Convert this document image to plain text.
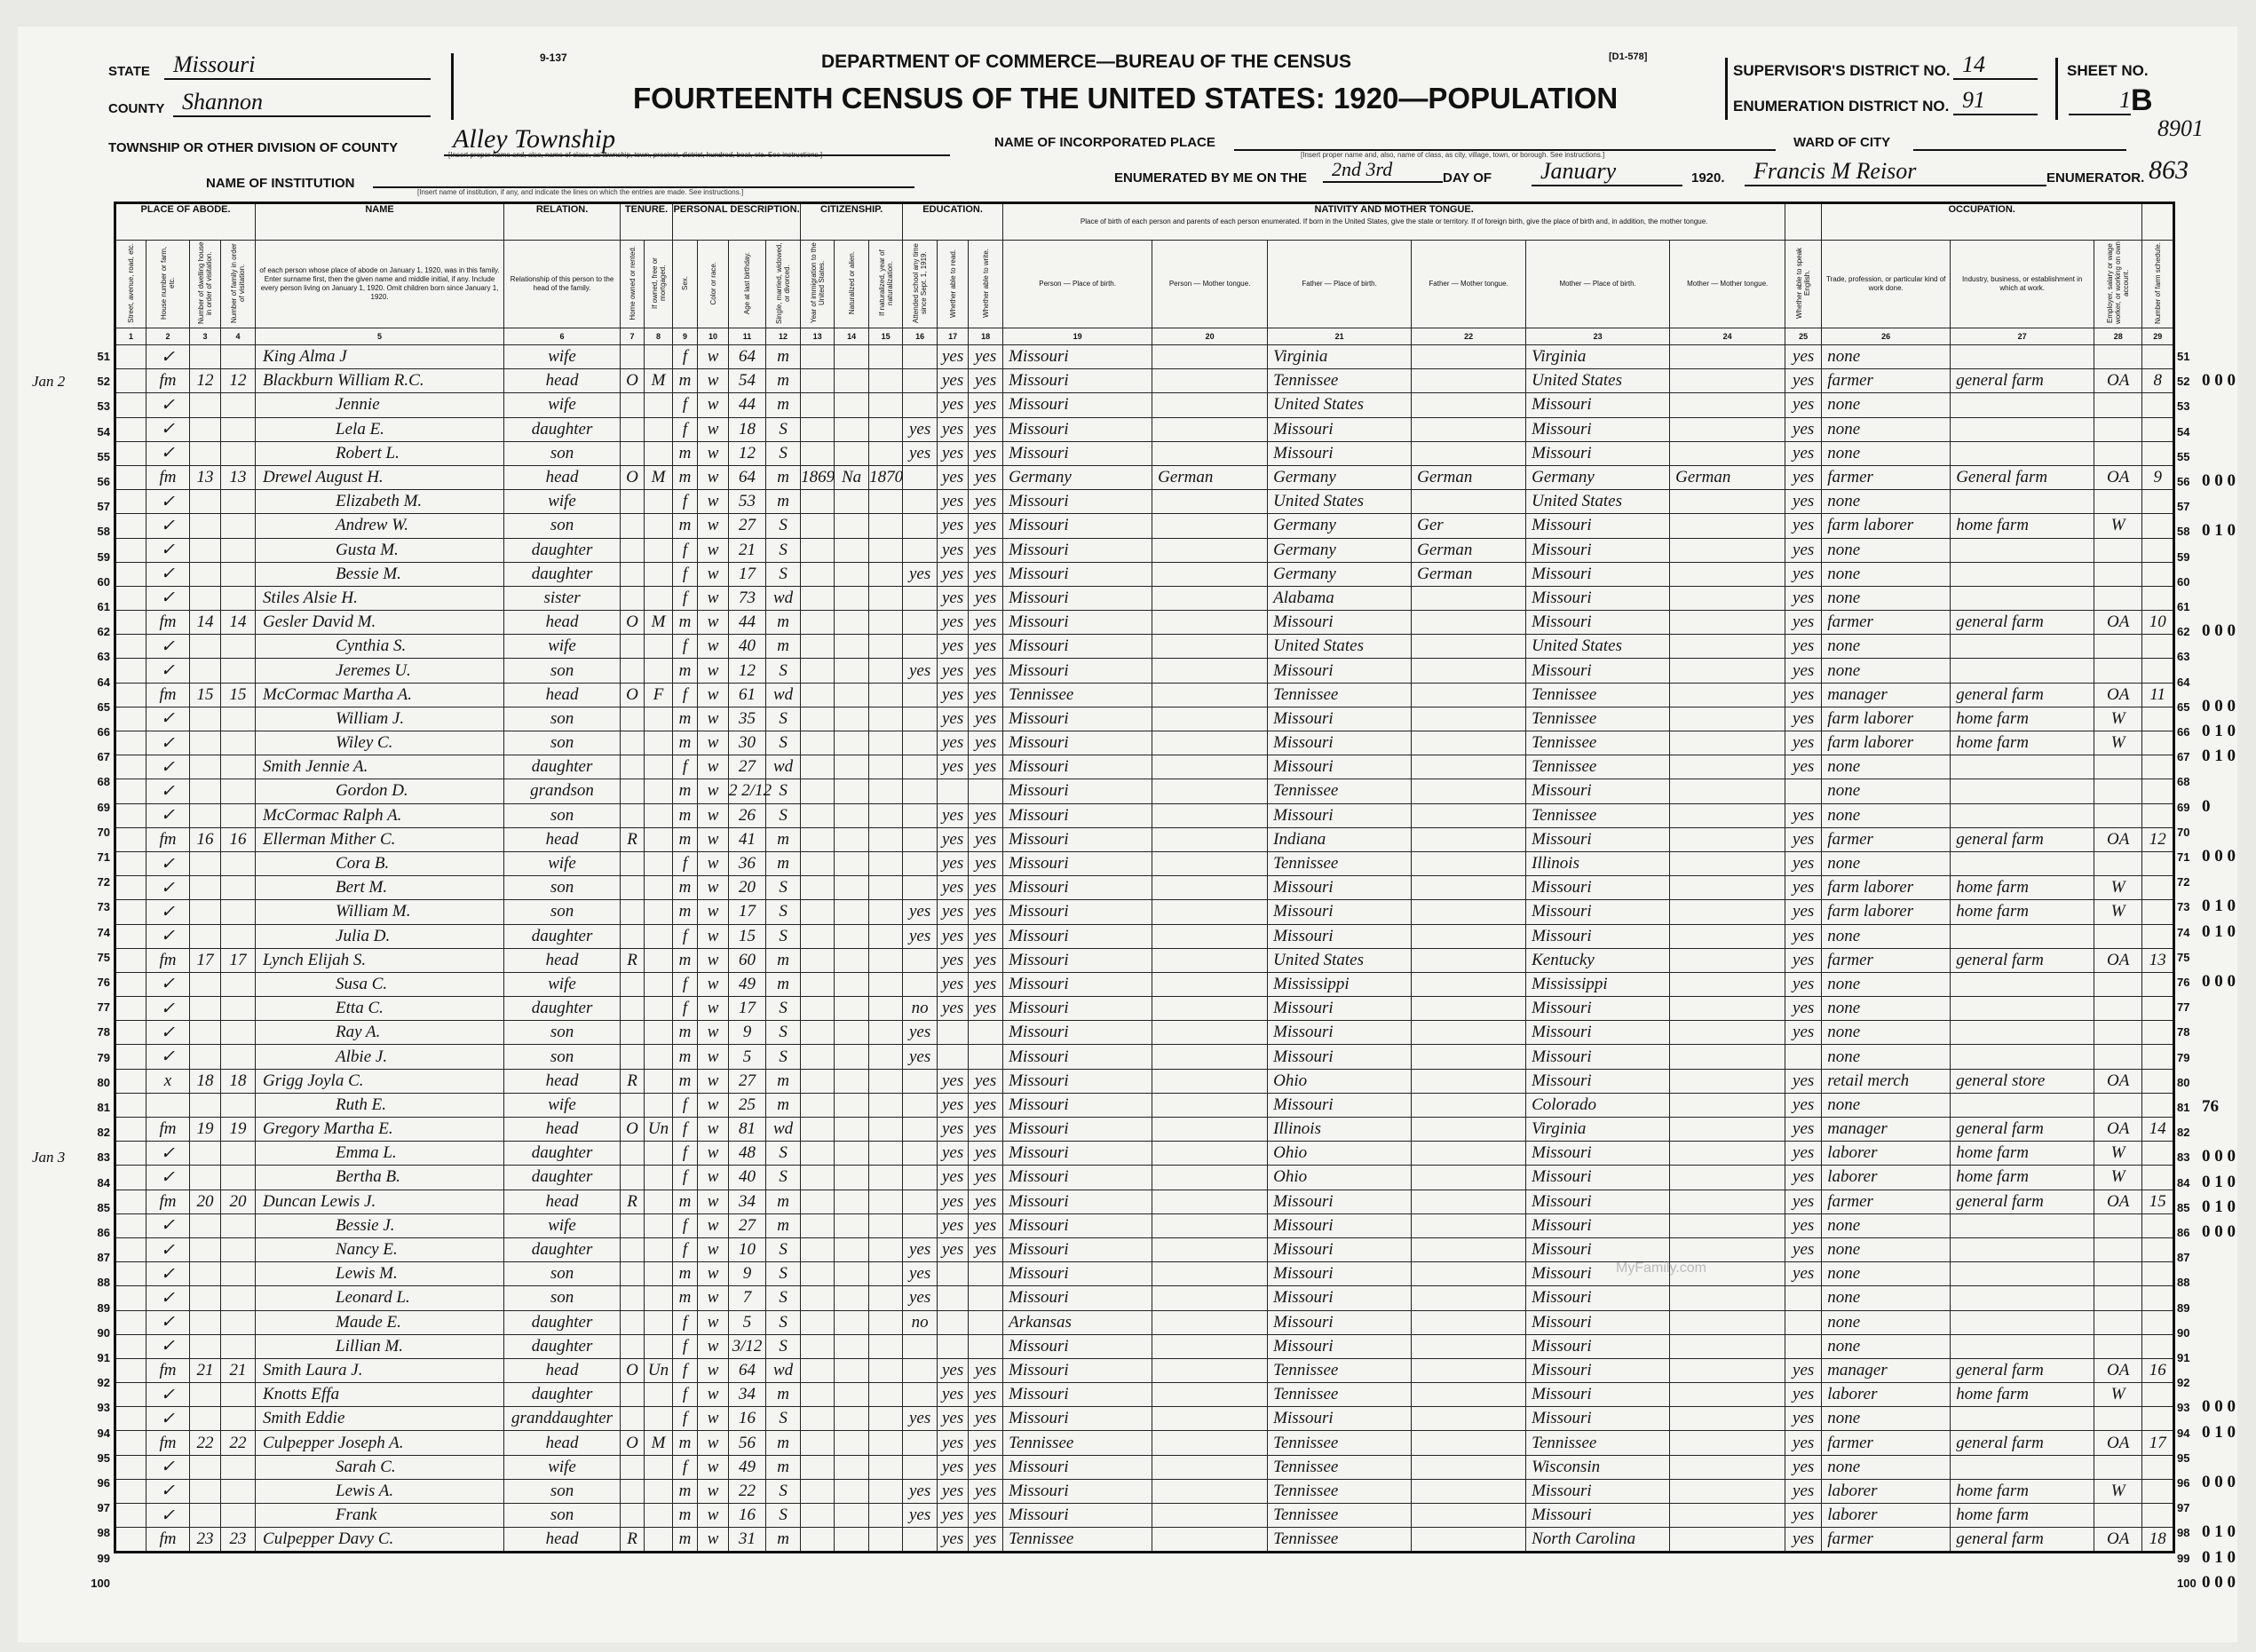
STATE	Missouri
COUNTY Shannon
9-137	DEPARTMENT OF COMMERCE—BUREAU OF THE CENSUS
FOURTEENTH CENSUS OF THE UNITED STATES: 1920—POPULATION
[D1-578]
SUPERVISOR'S DISTRICT NO. 14
ENUMERATION DISTRICT NO. 91
SHEET NO.
1 B
TOWNSHIP OR OTHER DIVISION OF COUNTY	Alley Township
[Insert proper name and, also, name of class, as township, town, precinct, district, hundred, beat, etc. See instructions.]
NAME OF INCORPORATED PLACE
[Insert proper name and, also, name of class, as city, village, town, or borough. See instructions.]
WARD OF CITY
8901
NAME OF INSTITUTION
[Insert name of institution, if any, and indicate the lines on which the entries are made. See instructions.]
ENUMERATED BY ME ON THE	2nd 3rd	DAY OF	January	1920.	Francis M Reisor	ENUMERATOR. 863
PLACE OF ABODE.				NAME	RELATION.	TENURE.		PERSONAL DESCRIPTION.				CITIZENSHIP.			EDUCATION.			NATIVITY AND MOTHER TONGUE.
Place of birth of each person and parents of each person enumerated. If born in the United States, give the state or territory. If of foreign birth, give the place of birth and, in addition, the mother tongue.							OCCUPATION.			
Street, avenue, road, etc.	House number or farm, etc.	Number of dwelling house in order of visitation.	Number of family in order of visitation.	of each person whose place of abode on January 1, 1920, was in this family. Enter surname first, then the given name and middle initial, if any. Include every person living on January 1, 1920. Omit children born since January 1, 1920.	Relationship of this person to the head of the family.	Home owned or rented.	If owned, free or mortgaged.	Sex.	Color or race.	Age at last birthday.	Single, married, widowed, or divorced.	Year of immigration to the United States.	Naturalized or alien.	If naturalized, year of naturalization.	Attended school any time since Sept. 1, 1919.	Whether able to read.	Whether able to write.	Person — Place of birth.	Person — Mother tongue.	Father — Place of birth.	Father — Mother tongue.	Mother — Place of birth.	Mother — Mother tongue.	Whether able to speak English.	Trade, profession, or particular kind of work done.	Industry, business, or establishment in which at work.	Employer, salary or wage worker, or working on own account.	Number of farm schedule.
1	2	3	4	5	6	7	8	9	10	11	12	13	14	15	16	17	18	19	20	21	22	23	24	25	26	27	28	29
	✓			King Alma J	wife			f	w	64	m					yes	yes	Missouri		Virginia		Virginia		yes	none			
	fm	12	12	Blackburn William R.C.	head	O	M	m	w	54	m					yes	yes	Missouri		Tennissee		United States		yes	farmer	general farm	OA	8
	✓			Jennie	wife			f	w	44	m					yes	yes	Missouri		United States		Missouri		yes	none			
	✓			Lela E.	daughter			f	w	18	S				yes	yes	yes	Missouri		Missouri		Missouri		yes	none			
	✓			Robert L.	son			m	w	12	S				yes	yes	yes	Missouri		Missouri		Missouri		yes	none			
	fm	13	13	Drewel August H.	head	O	M	m	w	64	m	1869	Na	1870		yes	yes	Germany	German	Germany	German	Germany	German	yes	farmer	General farm	OA	9
	✓			Elizabeth M.	wife			f	w	53	m					yes	yes	Missouri		United States		United States		yes	none			
	✓			Andrew W.	son			m	w	27	S					yes	yes	Missouri		Germany	Ger	Missouri		yes	farm laborer	home farm	W	
	✓			Gusta M.	daughter			f	w	21	S					yes	yes	Missouri		Germany	German	Missouri		yes	none			
	✓			Bessie M.	daughter			f	w	17	S				yes	yes	yes	Missouri		Germany	German	Missouri		yes	none			
	✓			Stiles Alsie H.	sister			f	w	73	wd					yes	yes	Missouri		Alabama		Missouri		yes	none			
	fm	14	14	Gesler David M.	head	O	M	m	w	44	m					yes	yes	Missouri		Missouri		Missouri		yes	farmer	general farm	OA	10
	✓			Cynthia S.	wife			f	w	40	m					yes	yes	Missouri		United States		United States		yes	none			
	✓			Jeremes U.	son			m	w	12	S				yes	yes	yes	Missouri		Missouri		Missouri		yes	none			
	fm	15	15	McCormac Martha A.	head	O	F	f	w	61	wd					yes	yes	Tennissee		Tennissee		Tennissee		yes	manager	general farm	OA	11
	✓			William J.	son			m	w	35	S					yes	yes	Missouri		Missouri		Tennissee		yes	farm laborer	home farm	W	
	✓			Wiley C.	son			m	w	30	S					yes	yes	Missouri		Missouri		Tennissee		yes	farm laborer	home farm	W	
	✓			Smith Jennie A.	daughter			f	w	27	wd					yes	yes	Missouri		Missouri		Tennissee		yes	none			
	✓			Gordon D.	grandson			m	w	2 2/12	S							Missouri		Tennissee		Missouri			none			
	✓			McCormac Ralph A.	son			m	w	26	S					yes	yes	Missouri		Missouri		Tennissee		yes	none			
	fm	16	16	Ellerman Mither C.	head	R		m	w	41	m					yes	yes	Missouri		Indiana		Missouri		yes	farmer	general farm	OA	12
	✓			Cora B.	wife			f	w	36	m					yes	yes	Missouri		Tennissee		Illinois		yes	none			
	✓			Bert M.	son			m	w	20	S					yes	yes	Missouri		Missouri		Missouri		yes	farm laborer	home farm	W	
	✓			William M.	son			m	w	17	S				yes	yes	yes	Missouri		Missouri		Missouri		yes	farm laborer	home farm	W	
	✓			Julia D.	daughter			f	w	15	S				yes	yes	yes	Missouri		Missouri		Missouri		yes	none			
	fm	17	17	Lynch Elijah S.	head	R		m	w	60	m					yes	yes	Missouri		United States		Kentucky		yes	farmer	general farm	OA	13
	✓			Susa C.	wife			f	w	49	m					yes	yes	Missouri		Mississippi		Mississippi		yes	none			
	✓			Etta C.	daughter			f	w	17	S				no	yes	yes	Missouri		Missouri		Missouri		yes	none			
	✓			Ray A.	son			m	w	9	S				yes			Missouri		Missouri		Missouri		yes	none			
	✓			Albie J.	son			m	w	5	S				yes			Missouri		Missouri		Missouri			none			
	x	18	18	Grigg Joyla C.	head	R		m	w	27	m					yes	yes	Missouri		Ohio		Missouri		yes	retail merch	general store	OA	
				Ruth E.	wife			f	w	25	m					yes	yes	Missouri		Missouri		Colorado		yes	none			
	fm	19	19	Gregory Martha E.	head	O	Un	f	w	81	wd					yes	yes	Missouri		Illinois		Virginia		yes	manager	general farm	OA	14
	✓			Emma L.	daughter			f	w	48	S					yes	yes	Missouri		Ohio		Missouri		yes	laborer	home farm	W	
	✓			Bertha B.	daughter			f	w	40	S					yes	yes	Missouri		Ohio		Missouri		yes	laborer	home farm	W	
	fm	20	20	Duncan Lewis J.	head	R		m	w	34	m					yes	yes	Missouri		Missouri		Missouri		yes	farmer	general farm	OA	15
	✓			Bessie J.	wife			f	w	27	m					yes	yes	Missouri		Missouri		Missouri		yes	none			
	✓			Nancy E.	daughter			f	w	10	S				yes	yes	yes	Missouri		Missouri		Missouri		yes	none			
	✓			Lewis M.	son			m	w	9	S				yes			Missouri		Missouri		Missouri		yes	none			
	✓			Leonard L.	son			m	w	7	S				yes			Missouri		Missouri		Missouri			none			
	✓			Maude E.	daughter			f	w	5	S				no			Arkansas		Missouri		Missouri			none			
	✓			Lillian M.	daughter			f	w	3/12	S							Missouri		Missouri		Missouri			none			
	fm	21	21	Smith Laura J.	head	O	Un	f	w	64	wd					yes	yes	Missouri		Tennissee		Missouri		yes	manager	general farm	OA	16
	✓			Knotts Effa	daughter			f	w	34	m					yes	yes	Missouri		Tennissee		Missouri		yes	laborer	home farm	W	
	✓			Smith Eddie	granddaughter			f	w	16	S				yes	yes	yes	Missouri		Missouri		Missouri		yes	none			
	fm	22	22	Culpepper Joseph A.	head	O	M	m	w	56	m					yes	yes	Tennissee		Tennissee		Tennissee		yes	farmer	general farm	OA	17
	✓			Sarah C.	wife			f	w	49	m					yes	yes	Missouri		Tennissee		Wisconsin		yes	none			
	✓			Lewis A.	son			m	w	22	S				yes	yes	yes	Missouri		Tennissee		Missouri		yes	laborer	home farm	W	
	✓			Frank	son			m	w	16	S				yes	yes	yes	Missouri		Tennissee		Missouri		yes	laborer	home farm		
	fm	23	23	Culpepper Davy C.	head	R		m	w	31	m					yes	yes	Tennissee		Tennissee		North Carolina		yes	farmer	general farm	OA	18
51	51
52	52 0 0 0
Jan 2
53	53
54	54
55	55
56	56 0 0 0
57	57
58	58 0 1 0
59	59
60	60
61	61
62	62 0 0 0
63	63
64	64
65	65 0 0 0
66	66 0 1 0
67	67 0 1 0
68	68
69	69 0
70	70
71	71 0 0 0
72	72
73	73 0 1 0
74	74 0 1 0
75	75
76	76 0 0 0
77	77
78	78
79	79
80	80
81	81 76
82	82
83	83 0 0 0
Jan 3
84	84 0 1 0
85	85 0 1 0
86	86 0 0 0
87	87
88	88
89	89
90	90
91	91
92	92
93	93 0 0 0
94	94 0 1 0
95	95
96	96 0 0 0
97	97
98	98 0 1 0
99	99 0 1 0
100	100 0 0 0
MyFamily.com
